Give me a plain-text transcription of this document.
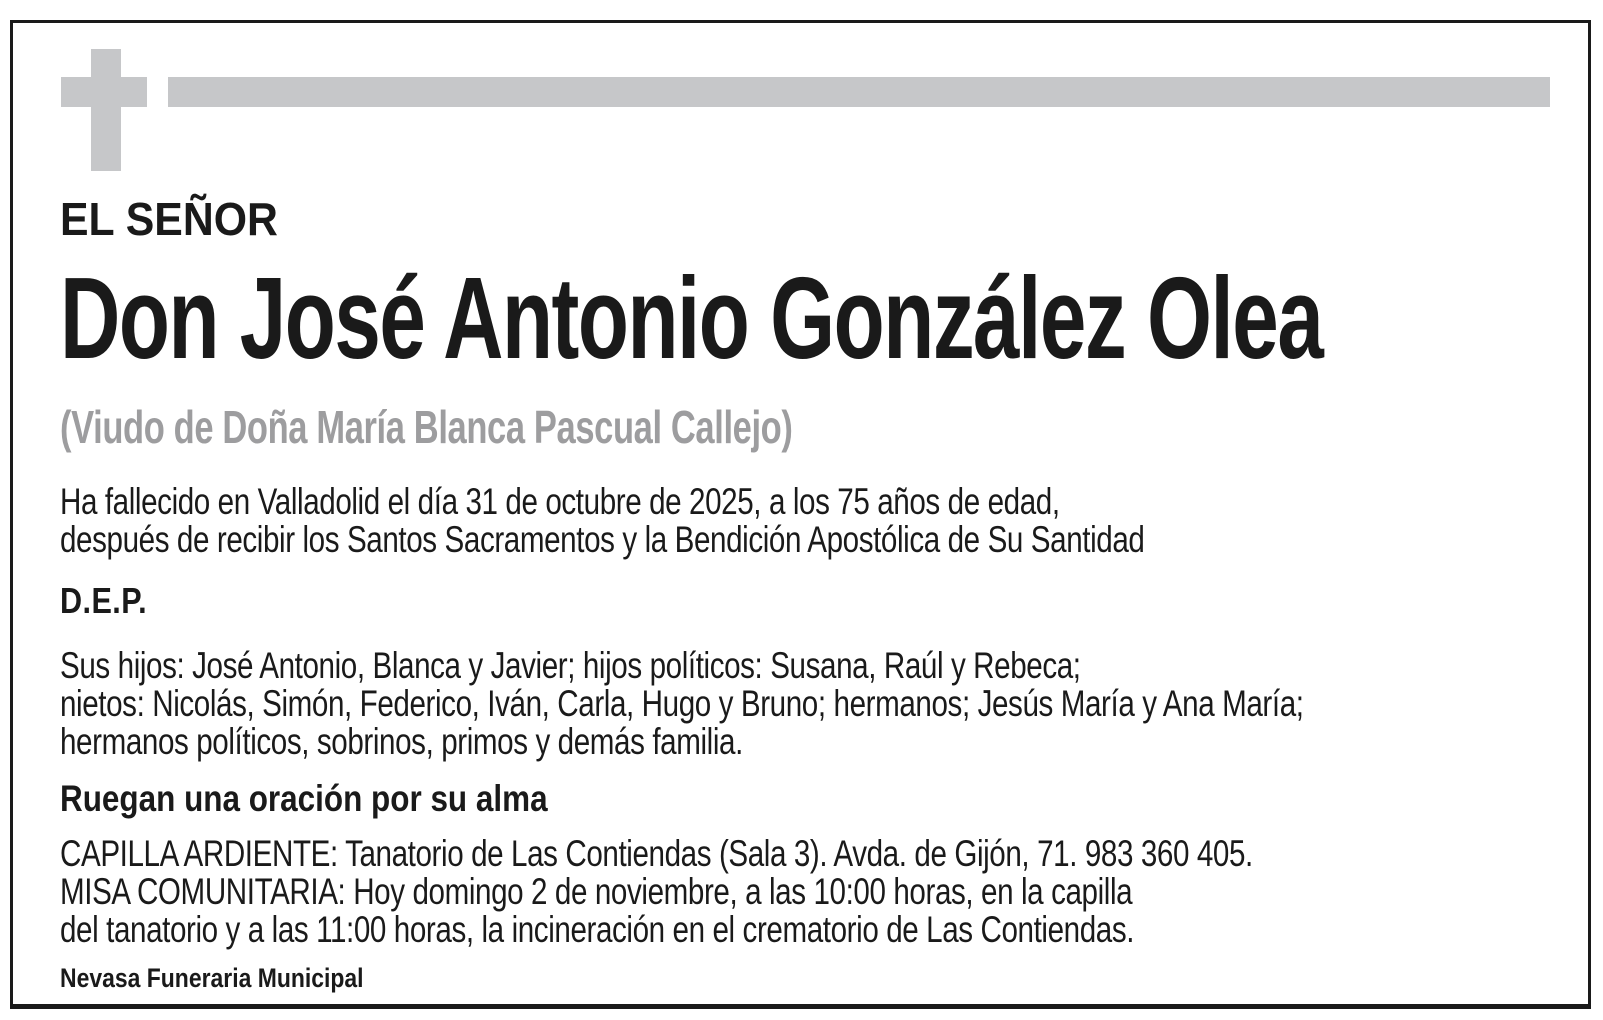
EL SEÑOR
Don José Antonio González Olea
(Viudo de Doña María Blanca Pascual Callejo)
Ha fallecido en Valladolid el día 31 de octubre de 2025, a los 75 años de edad,
después de recibir los Santos Sacramentos y la Bendición Apostólica de Su Santidad
D.E.P.
Sus hijos: José Antonio, Blanca y Javier; hijos políticos: Susana, Raúl y Rebeca;
nietos: Nicolás, Simón, Federico, Iván, Carla, Hugo y Bruno; hermanos; Jesús María y Ana María;
hermanos políticos, sobrinos, primos y demás familia.
Ruegan una oración por su alma
CAPILLA ARDIENTE: Tanatorio de Las Contiendas (Sala 3). Avda. de Gijón, 71. 983 360 405.
MISA COMUNITARIA: Hoy domingo 2 de noviembre, a las 10:00 horas, en la capilla
del tanatorio y a las 11:00 horas, la incineración en el crematorio de Las Contiendas.
Nevasa Funeraria Municipal
